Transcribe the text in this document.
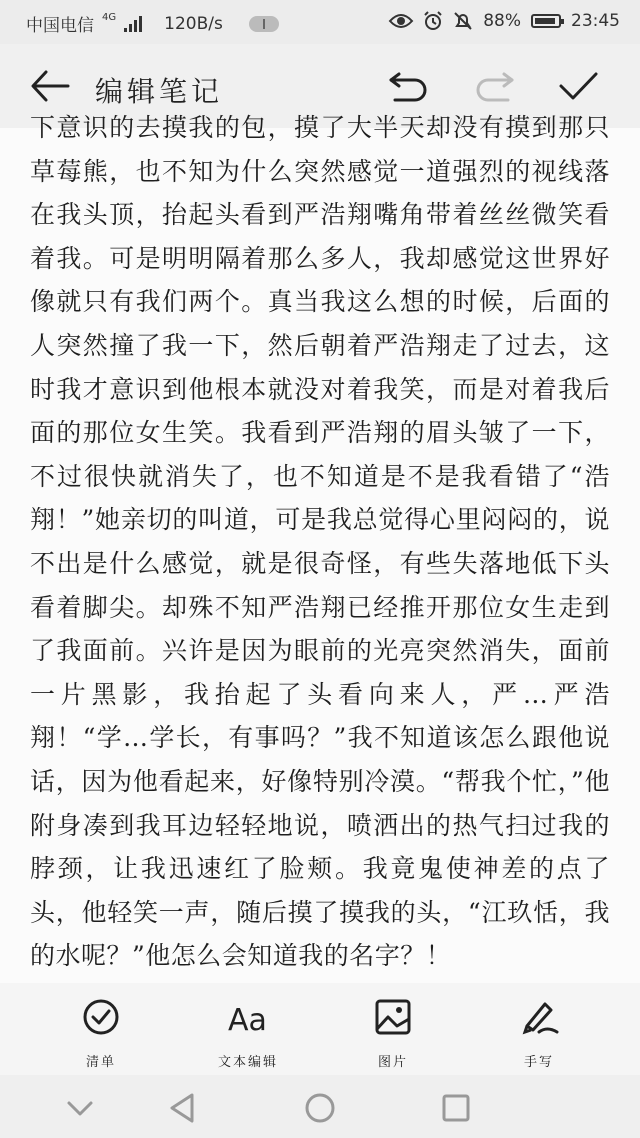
中国电信 4G	120B/s	88%	23:45
编辑笔记
下意识的去摸我的包，摸了大半天却没有摸到那只草莓熊，也不知为什么突然感觉一道强烈的视线落在我头顶，抬起头看到严浩翔嘴角带着丝丝微笑看着我。可是明明隔着那么多人，我却感觉这世界好像就只有我们两个。真当我这么想的时候，后面的人突然撞了我一下，然后朝着严浩翔走了过去，这时我才意识到他根本就没对着我笑，而是对着我后面的那位女生笑。我看到严浩翔的眉头皱了一下，不过很快就消失了，也不知道是不是我看错了“浩翔！”她亲切的叫道，可是我总觉得心里闷闷的，说不出是什么感觉，就是很奇怪，有些失落地低下头看着脚尖。却殊不知严浩翔已经推开那位女生走到了我面前。兴许是因为眼前的光亮突然消失，面前一片黑影，我抬起了头看向来人，严…严浩翔！“学…学长，有事吗？”我不知道该怎么跟他说话，因为他看起来，好像特别冷漠。“帮我个忙，”他附身凑到我耳边轻轻地说，喷洒出的热气扫过我的脖颈，让我迅速红了脸颊。我竟鬼使神差的点了头，他轻笑一声，随后摸了摸我的头，“江玖恬，我的水呢？”他怎么会知道我的名字？！
清单
Aa
文本编辑	图片	手写
